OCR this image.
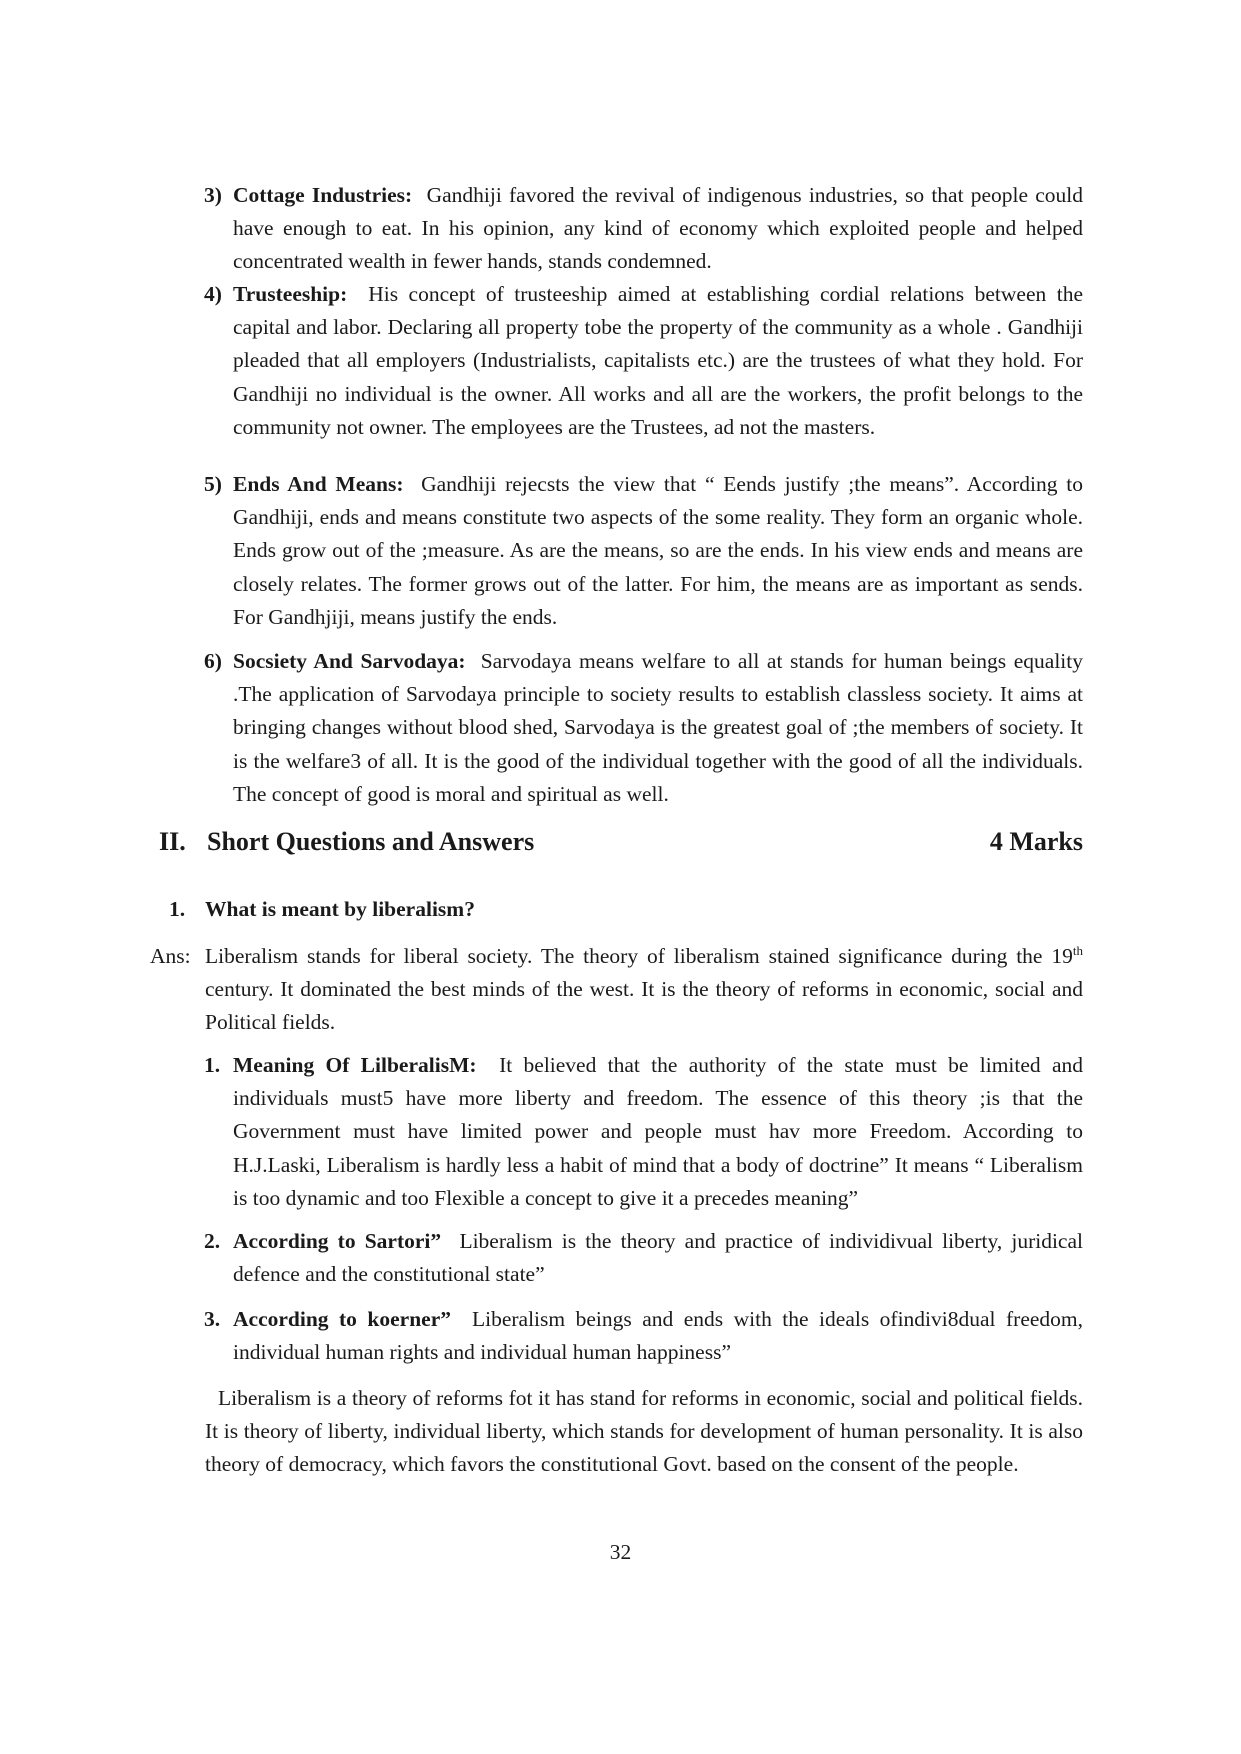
3) Cottage Industries: Gandhiji favored the revival of indigenous industries, so that people could have enough to eat. In his opinion, any kind of economy which exploited people and helped concentrated wealth in fewer hands, stands condemned.
4) Trusteeship: His concept of trusteeship aimed at establishing cordial relations between the capital and labor. Declaring all property tobe the property of the community as a whole . Gandhiji pleaded that all employers (Industrialists, capitalists etc.) are the trustees of what they hold. For Gandhiji no individual is the owner. All works and all are the workers, the profit belongs to the community not owner. The employees are the Trustees, ad not the masters.
5) Ends And Means: Gandhiji rejecsts the view that “ Eends justify ;the means”. According to Gandhiji, ends and means constitute two aspects of the some reality. They form an organic whole. Ends grow out of the ;measure. As are the means, so are the ends. In his view ends and means are closely relates. The former grows out of the latter. For him, the means are as important as sends. For Gandhjiji, means justify the ends.
6) Socsiety And Sarvodaya: Sarvodaya means welfare to all at stands for human beings equality .The application of Sarvodaya principle to society results to establish classless society. It aims at bringing changes without blood shed, Sarvodaya is the greatest goal of ;the members of society. It is the welfare3 of all. It is the good of the individual together with the good of all the individuals. The concept of good is moral and spiritual as well.
II. Short Questions and Answers	4 Marks
1. What is meant by liberalism?
Ans: Liberalism stands for liberal society. The theory of liberalism stained significance during the 19th century. It dominated the best minds of the west. It is the theory of reforms in economic, social and Political fields.
1. Meaning Of LilberalisM: It believed that the authority of the state must be limited and individuals must5 have more liberty and freedom. The essence of this theory ;is that the Government must have limited power and people must hav more Freedom. According to H.J.Laski, Liberalism is hardly less a habit of mind that a body of doctrine” It means “ Liberalism is too dynamic and too Flexible a concept to give it a precedes meaning”
2. According to Sartori” Liberalism is the theory and practice of individivual liberty, juridical defence and the constitutional state”
3. According to koerner” Liberalism beings and ends with the ideals ofindivi8dual freedom, individual human rights and individual human happiness”
Liberalism is a theory of reforms fot it has stand for reforms in economic, social and political fields. It is theory of liberty, individual liberty, which stands for development of human personality. It is also theory of democracy, which favors the constitutional Govt. based on the consent of the people.
32
